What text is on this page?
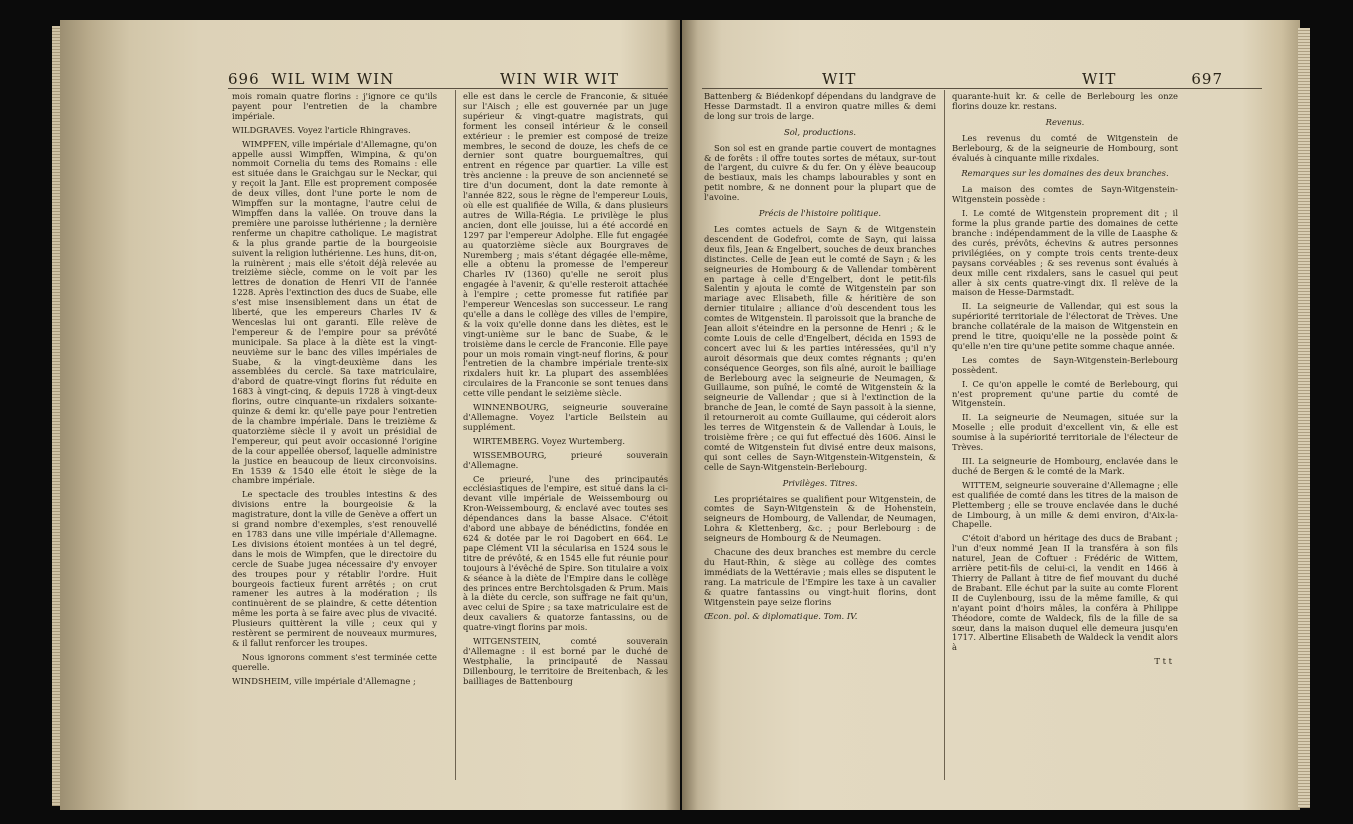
696 WIL WIM WIN	WIN WIR WIT

mois romain quatre florins : j'ignore ce qu'ils payent pour l'entretien de la chambre impériale.

WILDGRAVES. Voyez l'article Rhingraves.

WIMPFEN, ville impériale d'Allemagne, qu'on appelle aussi Wimpffen, Wimpina, & qu'on nommoit Cornelia du tems des Romains : elle est située dans le Graichgau sur le Neckar, qui y reçoit la Jant. Elle est proprement composée de deux villes, dont l'une porte le nom de Wimpffen sur la montagne, l'autre celui de Wimpffen dans la vallée. On trouve dans la première une paroisse luthérienne ; la dernière renferme un chapitre catholique. Le magistrat & la plus grande partie de la bourgeoisie suivent la religion luthérienne. Les huns, dit-on, la ruinèrent ; mais elle s'étoit déjà relevée au treizième siècle, comme on le voit par les lettres de donation de Henri VII de l'année 1228. Après l'extinction des ducs de Suabe, elle s'est mise insensiblement dans un état de liberté, que les empereurs Charles IV & Wenceslas lui ont garanti. Elle relève de l'empereur & de l'empire pour sa prévôté municipale. Sa place à la diète est la vingt-neuvième sur le banc des villes impériales de Suabe, & la vingt-deuxième dans les assemblées du cercle. Sa taxe matriculaire, d'abord de quatre-vingt florins fut réduite en 1683 à vingt-cinq, & depuis 1728 à vingt-deux florins, outre cinquante-un rixdalers soixante-quinze & demi kr. qu'elle paye pour l'entretien de la chambre impériale. Dans le treizième & quatorzième siècle il y avoit un présidial de l'empereur, qui peut avoir occasionné l'origine de la cour appellée obersof, laquelle administre la justice en beaucoup de lieux circonvoisins. En 1539 & 1540 elle étoit le siège de la chambre impériale.

Le spectacle des troubles intestins & des divisions entre la bourgeoisie & la magistrature, dont la ville de Genève a offert un si grand nombre d'exemples, s'est renouvellé en 1783 dans une ville impériale d'Allemagne. Les divisions étoient montées à un tel degré, dans le mois de Wimpfen, que le directoire du cercle de Suabe jugea nécessaire d'y envoyer des troupes pour y rétablir l'ordre. Huit bourgeois factieux furent arrêtés ; on crut ramener les autres à la modération ; ils continuèrent de se plaindre, & cette détention même les porta à se faire avec plus de vivacité. Plusieurs quittèrent la ville ; ceux qui y restèrent se permirent de nouveaux murmures, & il fallut renforcer les troupes.

Nous ignorons comment s'est terminée cette querelle.

WINDSHEIM, ville impériale d'Allemagne ;

elle est dans le cercle de Franconie, & située sur l'Aisch ; elle est gouvernée par un juge supérieur & vingt-quatre magistrats, qui forment les conseil intérieur & le conseil extérieur : le premier est composé de treize membres, le second de douze, les chefs de ce dernier sont quatre bourguemaîtres, qui entrent en régence par quartier. La ville est très ancienne : la preuve de son ancienneté se tire d'un document, dont la date remonte à l'année 822, sous le règne de l'empereur Louis, où elle est qualifiée de Willa, & dans plusieurs autres de Willa-Régia. Le privilège le plus ancien, dont elle jouisse, lui a été accordé en 1297 par l'empereur Adolphe. Elle fut engagée au quatorzième siècle aux Bourgraves de Nuremberg ; mais s'étant dégagée elle-même, elle a obtenu la promesse de l'empereur Charles IV (1360) qu'elle ne seroit plus engagée à l'avenir, & qu'elle resteroit attachée à l'empire ; cette promesse fut ratifiée par l'empereur Wenceslas son successeur. Le rang qu'elle a dans le collège des villes de l'empire, & la voix qu'elle donne dans les diètes, est le vingt-unième sur le banc de Suabe, & le troisième dans le cercle de Franconie. Elle paye pour un mois romain vingt-neuf florins, & pour l'entretien de la chambre impériale trente-six rixdalers huit kr. La plupart des assemblées circulaires de la Franconie se sont tenues dans cette ville pendant le seizième siècle.

WINNENBOURG, seigneurie souveraine d'Allemagne. Voyez l'article Beilstein au supplément.

WIRTEMBERG. Voyez Wurtemberg.

WISSEMBOURG, prieuré souverain d'Allemagne.

Ce prieuré, l'une des principautés ecclésiastiques de l'empire, est situé dans la ci-devant ville impériale de Weissembourg ou Kron-Weissembourg, & enclavé avec toutes ses dépendances dans la basse Alsace. C'étoit d'abord une abbaye de bénédictins, fondée en 624 & dotée par le roi Dagobert en 664. Le pape Clément VII la sécularisa en 1524 sous le titre de prévôté, & en 1545 elle fut réunie pour toujours à l'évêché de Spire. Son titulaire a voix & séance à la diète de l'Empire dans le collège des princes entre Berchtolsgaden & Prum. Mais à la diète du cercle, son suffrage ne fait qu'un, avec celui de Spire ; sa taxe matriculaire est de deux cavaliers & quatorze fantassins, ou de quatre-vingt florins par mois.

WITGENSTEIN, comté souverain d'Allemagne : il est borné par le duché de Westphalie, la principauté de Nassau Dillenbourg, le territoire de Breitenbach, & les bailliages de Battenbourg

WIT	WIT	697

Battenberg & Biédenkopf dépendans du landgrave de Hesse Darmstadt. Il a environ quatre milles & demi de long sur trois de large.

Sol, productions.

Son sol est en grande partie couvert de montagnes & de forêts : il offre toutes sortes de métaux, sur-tout de l'argent, du cuivre & du fer. On y élève beaucoup de bestiaux, mais les champs labourables y sont en petit nombre, & ne donnent pour la plupart que de l'avoine.

Précis de l'histoire politique.

Les comtes actuels de Sayn & de Witgenstein descendent de Godefroi, comte de Sayn, qui laissa deux fils, Jean & Engelbert, souches de deux branches distinctes. Celle de Jean eut le comté de Sayn ; & les seigneuries de Hombourg & de Vallendar tombèrent en partage à celle d'Engelbert, dont le petit-fils Salentin y ajouta le comté de Witgenstein par son mariage avec Elisabeth, fille & héritière de son dernier titulaire ; alliance d'où descendent tous les comtes de Witgenstein. Il paroissoit que la branche de Jean alloit s'éteindre en la personne de Henri ; & le comte Louis de celle d'Engelbert, décida en 1593 de concert avec lui & les parties intéressées, qu'il n'y auroit désormais que deux comtes régnants ; qu'en conséquence Georges, son fils aîné, auroit le bailliage de Berlebourg avec la seigneurie de Neumagen, & Guillaume, son puîné, le comté de Witgenstein & la seigneurie de Vallendar ; que si à l'extinction de la branche de Jean, le comté de Sayn passoit à la sienne, il retourneroit au comte Guillaume, qui céderoit alors les terres de Witgenstein & de Vallendar à Louis, le troisième frère ; ce qui fut effectué dès 1606. Ainsi le comté de Witgenstein fut divisé entre deux maisons, qui sont celles de Sayn-Witgenstein-Witgenstein, & celle de Sayn-Witgenstein-Berlebourg.

Privilèges. Titres.

Les propriétaires se qualifient pour Witgenstein, de comtes de Sayn-Witgenstein & de Hohenstein, seigneurs de Hombourg, de Vallendar, de Neumagen, Lohra & Klettenberg, &c. ; pour Berlebourg : de seigneurs de Hombourg & de Neumagen.

Chacune des deux branches est membre du cercle du Haut-Rhin, & siège au collège des comtes immédiats de la Wettéravie ; mais elles se disputent le rang. La matricule de l'Empire les taxe à un cavalier & quatre fantassins ou vingt-huit florins, dont Witgenstein paye seize florins

Œcon. pol. & diplomatique. Tom. IV.

quarante-huit kr. & celle de Berlebourg les onze florins douze kr. restans.

Revenus.

Les revenus du comté de Witgenstein de Berlebourg, & de la seigneurie de Hombourg, sont évalués à cinquante mille rixdales.

Remarques sur les domaines des deux branches.

La maison des comtes de Sayn-Witgenstein-Witgenstein possède :

I. Le comté de Witgenstein proprement dit ; il forme la plus grande partie des domaines de cette branche : indépendamment de la ville de Laasphe & des curés, prévôts, échevins & autres personnes privilégiées, on y compte trois cents trente-deux paysans corvéables ; & ses revenus sont évalués à deux mille cent rixdalers, sans le casuel qui peut aller à six cents quatre-vingt dix. Il relève de la maison de Hesse-Darmstadt.

II. La seigneurie de Vallendar, qui est sous la supériorité territoriale de l'électorat de Trèves. Une branche collatérale de la maison de Witgenstein en prend le titre, quoiqu'elle ne la possède point & qu'elle n'en tire qu'une petite somme chaque année.

Les comtes de Sayn-Witgenstein-Berlebourg possèdent.

I. Ce qu'on appelle le comté de Berlebourg, qui n'est proprement qu'une partie du comté de Witgenstein.

II. La seigneurie de Neumagen, située sur la Moselle ; elle produit d'excellent vin, & elle est soumise à la supériorité territoriale de l'électeur de Trèves.

III. La seigneurie de Hombourg, enclavée dans le duché de Bergen & le comté de la Mark.

WITTEM, seigneurie souveraine d'Allemagne ; elle est qualifiée de comté dans les titres de la maison de Plettemberg ; elle se trouve enclavée dans le duché de Limbourg, à un mille & demi environ, d'Aix-la-Chapelle.

C'étoit d'abord un héritage des ducs de Brabant ; l'un d'eux nommé Jean II la transféra à son fils naturel, Jean de Coftuer : Frédéric de Wittem, arrière petit-fils de celui-ci, la vendit en 1466 à Thierry de Pallant à titre de fief mouvant du duché de Brabant. Elle échut par la suite au comte Florent II de Cuylenbourg, issu de la même famille, & qui n'ayant point d'hoirs mâles, la conféra à Philippe Théodore, comte de Waldeck, fils de la fille de sa sœur, dans la maison duquel elle demeura jusqu'en 1717. Albertine Elisabeth de Waldeck la vendit alors à

T t t
